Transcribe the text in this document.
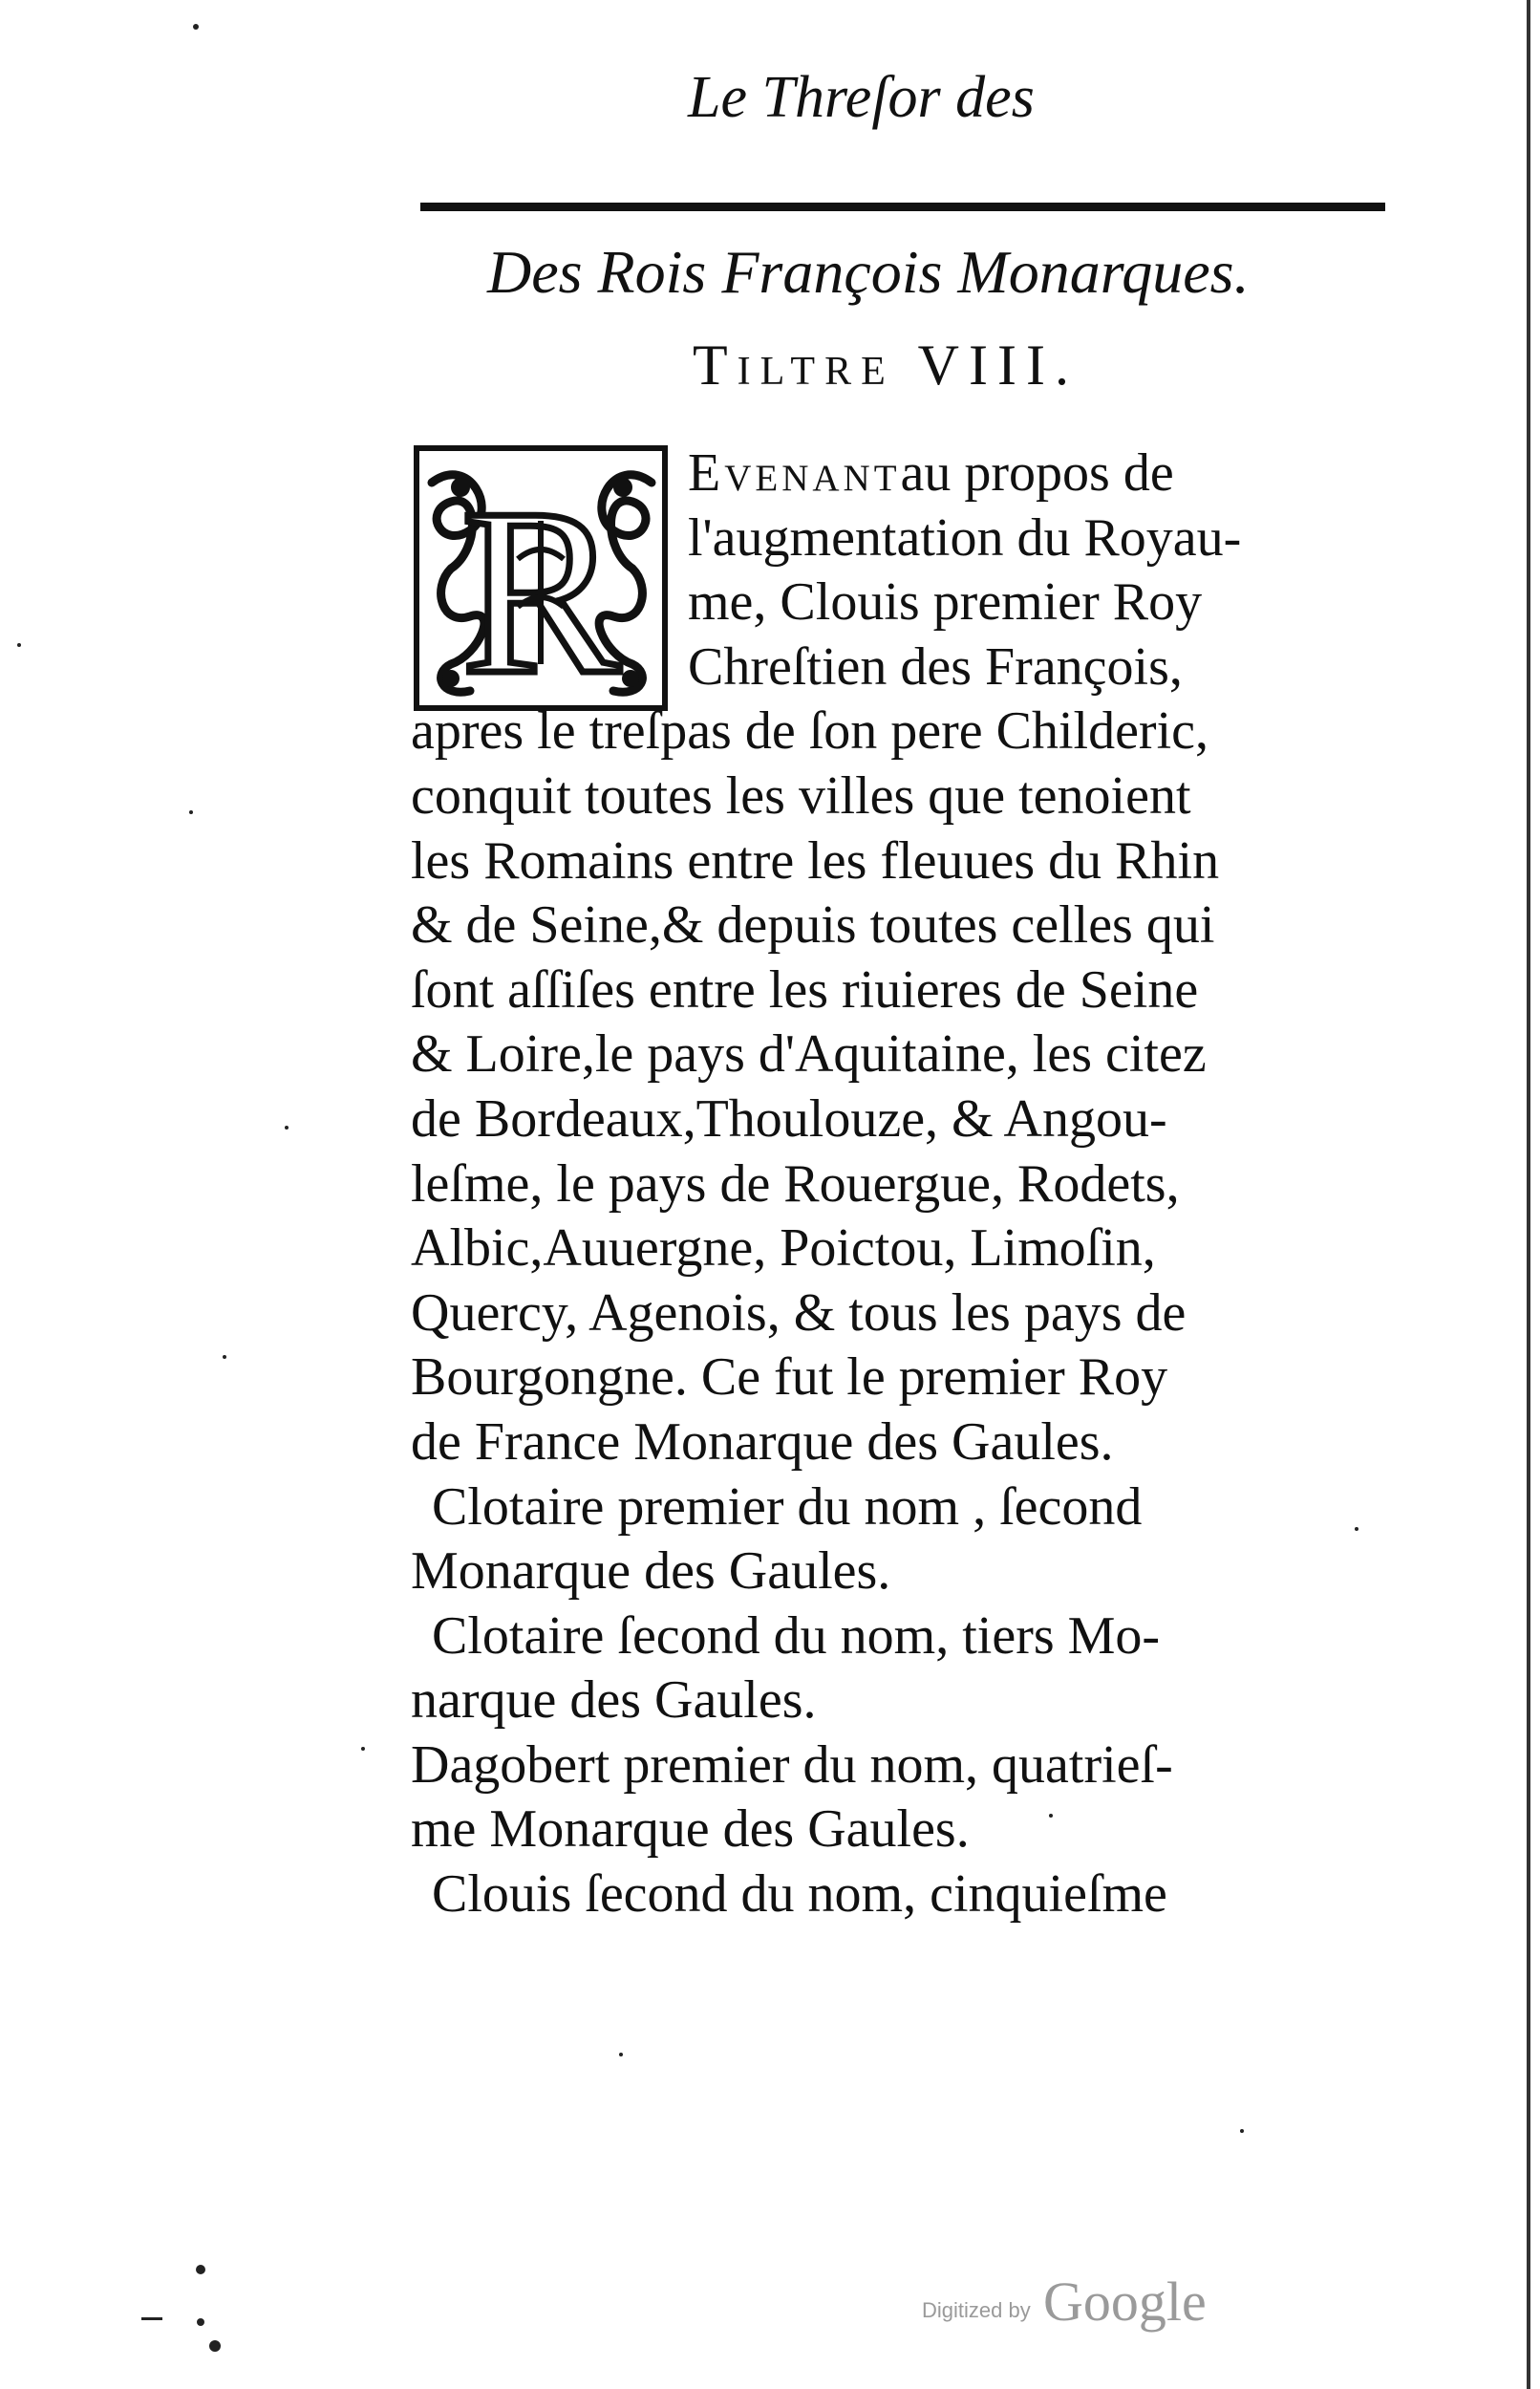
Le Threſor des
Des Rois François Monarques.
Tiltre VIII.
R Evenant au propos de
l'augmentation du Royau-
me, Clouis premier Roy
Chreſtien des François,
apres le treſpas de ſon pere Childeric,
conquit toutes les villes que tenoient
les Romains entre les fleuues du Rhin
& de Seine,& depuis toutes celles qui
ſont aſſiſes entre les riuieres de Seine
& Loire,le pays d'Aquitaine, les citez
de Bordeaux,Thoulouze, & Angou-
leſme, le pays de Rouergue, Rodets,
Albic,Auuergne, Poictou, Limoſin,
Quercy, Agenois, & tous les pays de
Bourgongne. Ce fut le premier Roy
de France Monarque des Gaules.
Clotaire premier du nom , ſecond
Monarque des Gaules.
Clotaire ſecond du nom, tiers Mo-
narque des Gaules.
Dagobert premier du nom, quatrieſ-
me Monarque des Gaules.
Clouis ſecond du nom, cinquieſme
Digitized by Google
